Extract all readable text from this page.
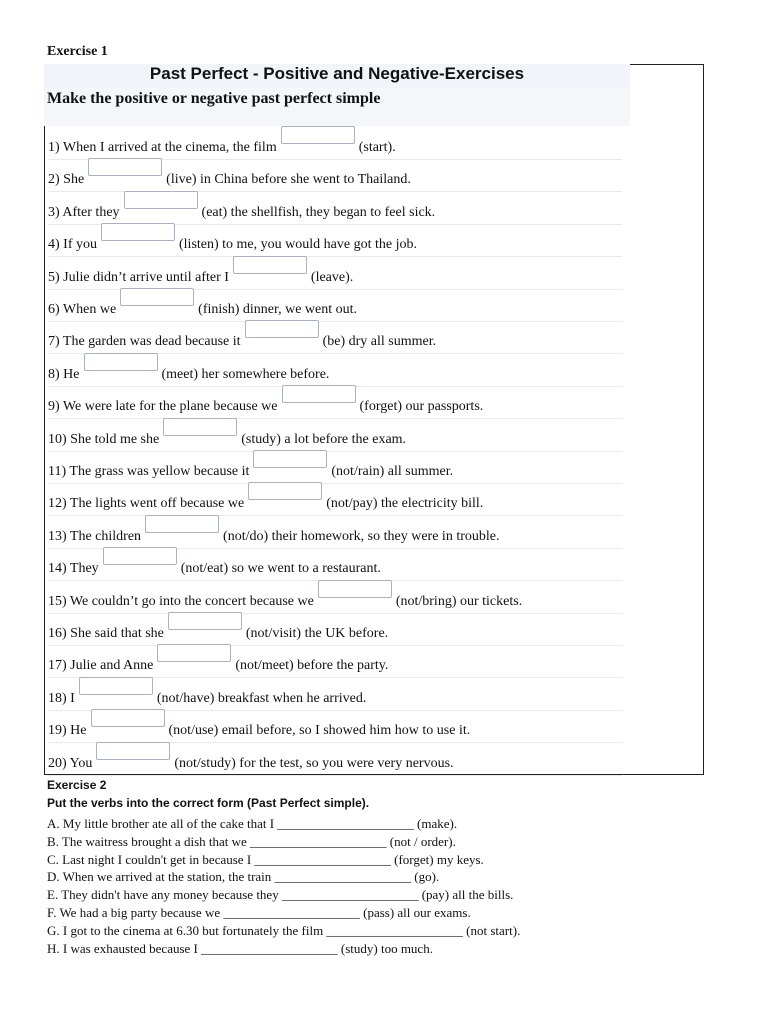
Exercise 1
Past Perfect - Positive and Negative-Exercises
Make the positive or negative past perfect simple
1) When I arrived at the cinema, the film	(start).
2) She	(live) in China before she went to Thailand.
3) After they	(eat) the shellfish, they began to feel sick.
4) If you	(listen) to me, you would have got the job.
5) Julie didn’t arrive until after I	(leave).
6) When we	(finish) dinner, we went out.
7) The garden was dead because it	(be) dry all summer.
8) He	(meet) her somewhere before.
9) We were late for the plane because we	(forget) our passports.
10) She told me she	(study) a lot before the exam.
11) The grass was yellow because it	(not/rain) all summer.
12) The lights went off because we	(not/pay) the electricity bill.
13) The children	(not/do) their homework, so they were in trouble.
14) They	(not/eat) so we went to a restaurant.
15) We couldn’t go into the concert because we	(not/bring) our tickets.
16) She said that she	(not/visit) the UK before.
17) Julie and Anne	(not/meet) before the party.
18) I	(not/have) breakfast when he arrived.
19) He	(not/use) email before, so I showed him how to use it.
20) You	(not/study) for the test, so you were very nervous.
Exercise 2
Put the verbs into the correct form (Past Perfect simple).
A. My little brother ate all of the cake that I _____________________ (make).
B. The waitress brought a dish that we _____________________ (not / order).
C. Last night I couldn't get in because I _____________________ (forget) my keys.
D. When we arrived at the station, the train _____________________ (go).
E. They didn't have any money because they _____________________ (pay) all the bills.
F. We had a big party because we _____________________ (pass) all our exams.
G. I got to the cinema at 6.30 but fortunately the film _____________________ (not start).
H. I was exhausted because I _____________________ (study) too much.
